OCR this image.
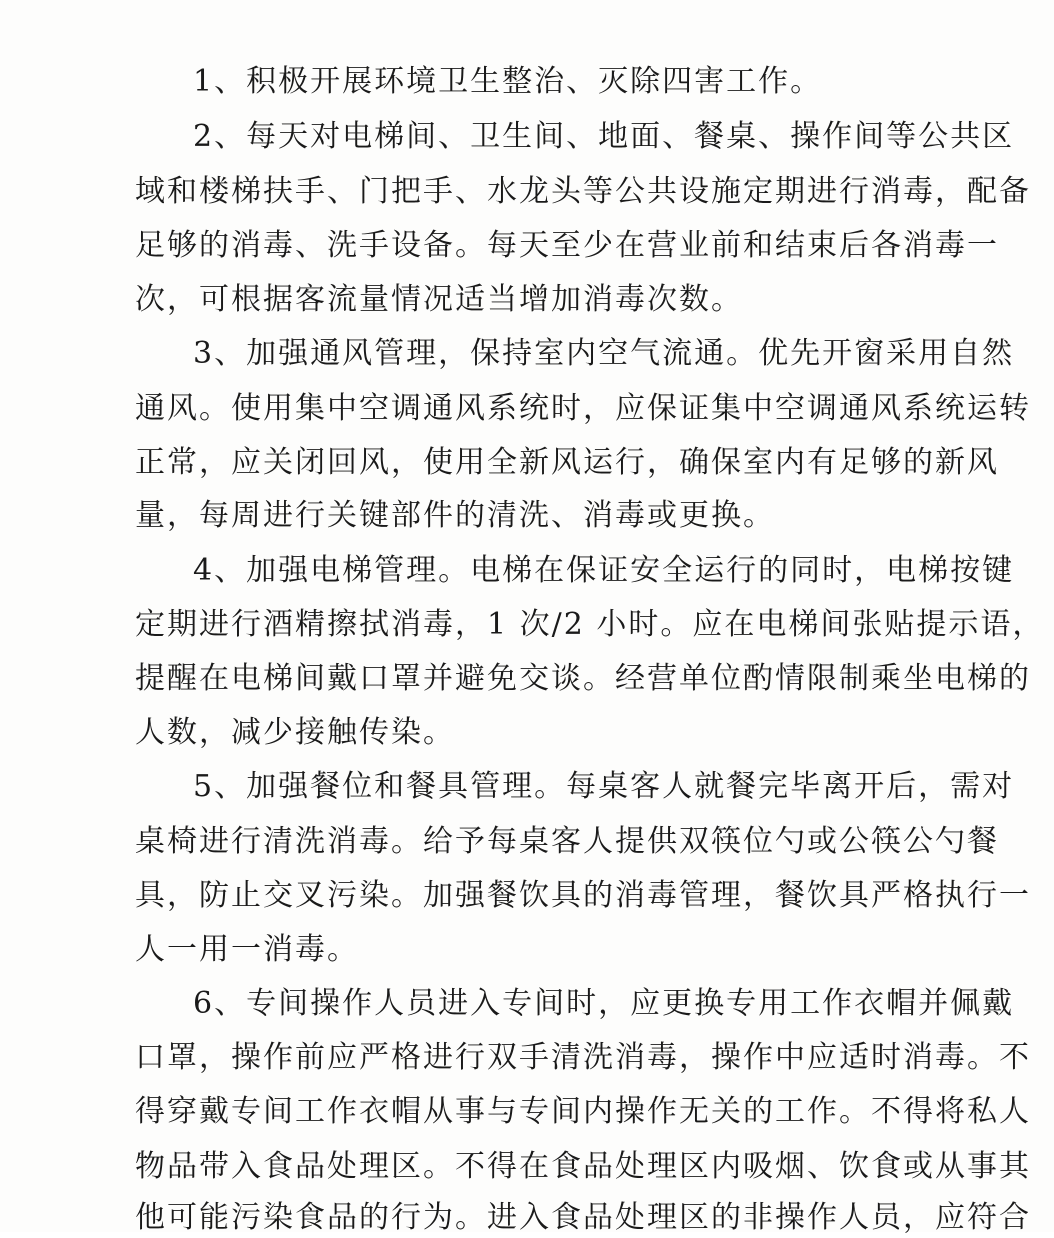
1、积极开展环境卫生整治、灭除四害工作。
2、每天对电梯间、卫生间、地面、餐桌、操作间等公共区
域和楼梯扶手、门把手、水龙头等公共设施定期进行消毒，配备
足够的消毒、洗手设备。每天至少在营业前和结束后各消毒一
次，可根据客流量情况适当增加消毒次数。
3、加强通风管理，保持室内空气流通。优先开窗采用自然
通风。使用集中空调通风系统时，应保证集中空调通风系统运转
正常，应关闭回风，使用全新风运行，确保室内有足够的新风
量，每周进行关键部件的清洗、消毒或更换。
4、加强电梯管理。电梯在保证安全运行的同时，电梯按键
定期进行酒精擦拭消毒，1 次/2 小时。应在电梯间张贴提示语，
提醒在电梯间戴口罩并避免交谈。经营单位酌情限制乘坐电梯的
人数，减少接触传染。
5、加强餐位和餐具管理。每桌客人就餐完毕离开后，需对
桌椅进行清洗消毒。给予每桌客人提供双筷位勺或公筷公勺餐
具，防止交叉污染。加强餐饮具的消毒管理，餐饮具严格执行一
人一用一消毒。
6、专间操作人员进入专间时，应更换专用工作衣帽并佩戴
口罩，操作前应严格进行双手清洗消毒，操作中应适时消毒。不
得穿戴专间工作衣帽从事与专间内操作无关的工作。不得将私人
物品带入食品处理区。不得在食品处理区内吸烟、饮食或从事其
他可能污染食品的行为。进入食品处理区的非操作人员，应符合
